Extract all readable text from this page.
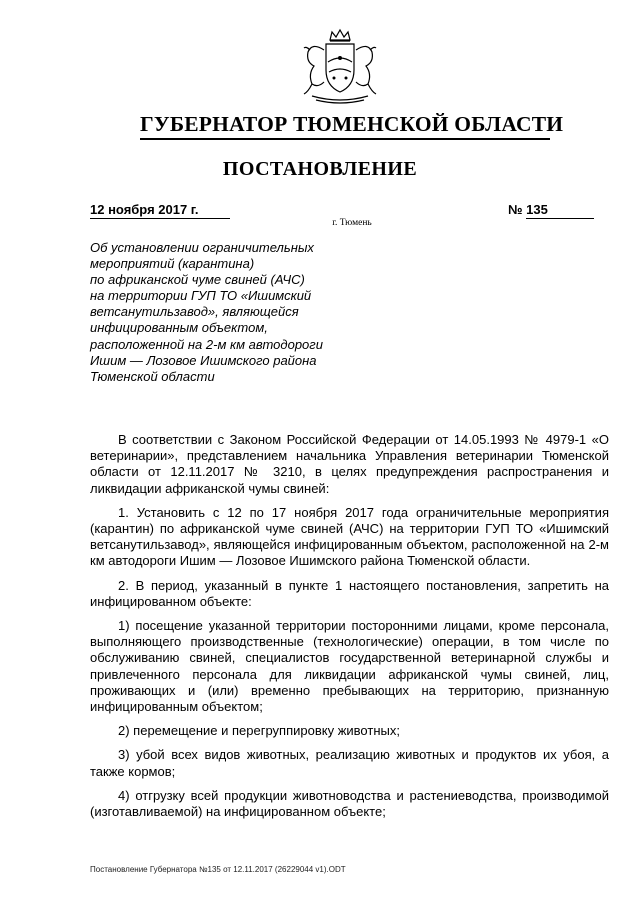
ГУБЕРНАТОР ТЮМЕНСКОЙ ОБЛАСТИ
ПОСТАНОВЛЕНИЕ
12 ноября 2017 г.	№ 135
г. Тюмень
Об установлении ограничительных
мероприятий (карантина)
по африканской чуме свиней (АЧС)
на территории ГУП ТО «Ишимский
ветсанутильзавод», являющейся
инфицированным объектом,
расположенной на 2-м км автодороги
Ишим — Лозовое Ишимского района
Тюменской области

В соответствии с Законом Российской Федерации от 14.05.1993 № 4979-1 «О ветеринарии», представлением начальника Управления ветеринарии Тюменской области от 12.11.2017 № 3210, в целях предупреждения распространения и ликвидации африканской чумы свиней:

1. Установить с 12 по 17 ноября 2017 года ограничительные мероприятия (карантин) по африканской чуме свиней (АЧС) на территории ГУП ТО «Ишимский ветсанутильзавод», являющейся инфицированным объектом, расположенной на 2-м км автодороги Ишим — Лозовое Ишимского района Тюменской области.

2. В период, указанный в пункте 1 настоящего постановления, запретить на инфицированном объекте:

1) посещение указанной территории посторонними лицами, кроме персонала, выполняющего производственные (технологические) операции, в том числе по обслуживанию свиней, специалистов государственной ветеринарной службы и привлеченного персонала для ликвидации африканской чумы свиней, лиц, проживающих и (или) временно пребывающих на территорию, признанную инфицированным объектом;

2) перемещение и перегруппировку животных;

3) убой всех видов животных, реализацию животных и продуктов их убоя, а также кормов;

4) отгрузку всей продукции животноводства и растениеводства, производимой (изготавливаемой) на инфицированном объекте;

Постановление Губернатора №135 от 12.11.2017 (26229044 v1).ODT
